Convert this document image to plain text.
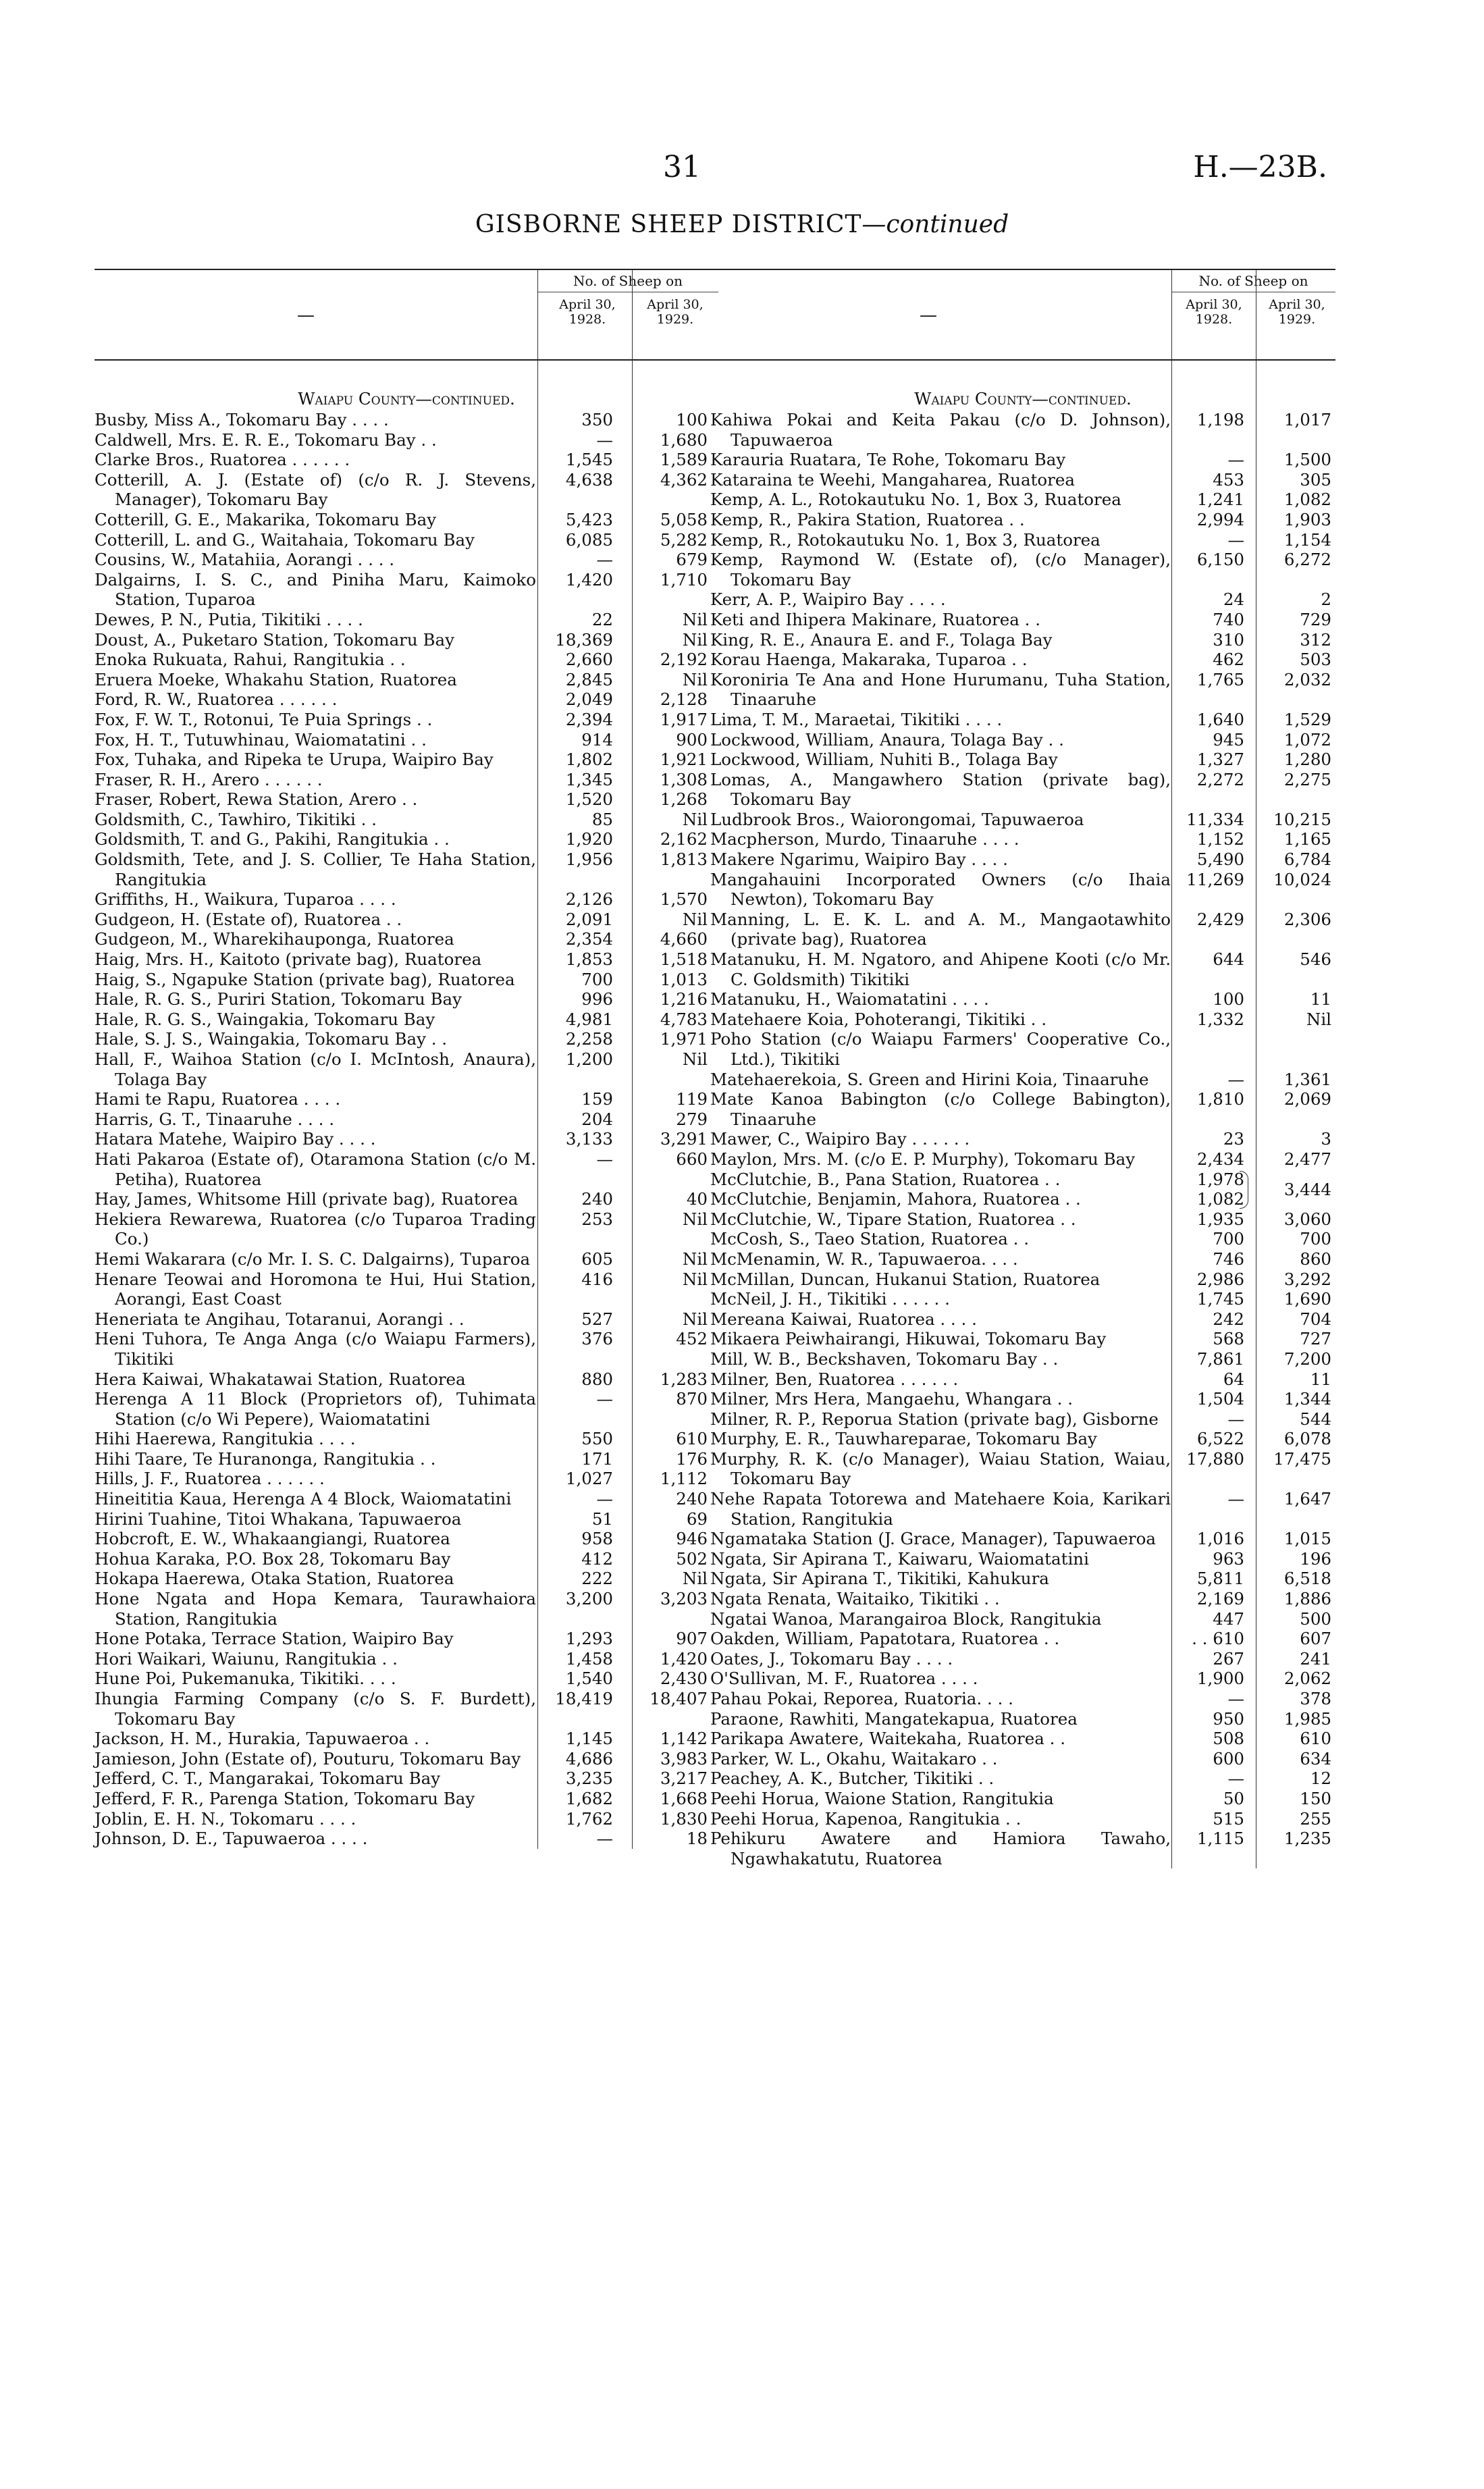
31	H.—23B.
GISBORNE SHEEP DISTRICT—continued
—
No. of Sheep on
April 30,
1928.
April 30,
1929.
Waiapu County—continued.
Busby, Miss A., Tokomaru Bay . . . .	350	100
Caldwell, Mrs. E. R. E., Tokomaru Bay . .	—	1,680
Clarke Bros., Ruatorea . . . . . .	1,545	1,589
Cotterill, A. J. (Estate of) (c/o R. J. Stevens, Manager), Tokomaru Bay
4,638	4,362
Cotterill, G. E., Makarika, Tokomaru Bay	5,423	5,058
Cotterill, L. and G., Waitahaia, Tokomaru Bay	6,085	5,282
Cousins, W., Matahiia, Aorangi . . . .	—	679
Dalgairns, I. S. C., and Piniha Maru, Kaimoko Station, Tuparoa
1,420	1,710
Dewes, P. N., Putia, Tikitiki . . . .	22	Nil
Doust, A., Puketaro Station, Tokomaru Bay	18,369	Nil
Enoka Rukuata, Rahui, Rangitukia . .	2,660	2,192
Eruera Moeke, Whakahu Station, Ruatorea	2,845	Nil
Ford, R. W., Ruatorea . . . . . .	2,049	2,128
Fox, F. W. T., Rotonui, Te Puia Springs . .	2,394	1,917
Fox, H. T., Tutuwhinau, Waiomatatini . .	914	900
Fox, Tuhaka, and Ripeka te Urupa, Waipiro Bay	1,802	1,921
Fraser, R. H., Arero . . . . . .	1,345	1,308
Fraser, Robert, Rewa Station, Arero . .	1,520	1,268
Goldsmith, C., Tawhiro, Tikitiki . .	85	Nil
Goldsmith, T. and G., Pakihi, Rangitukia . .	1,920	2,162
Goldsmith, Tete, and J. S. Collier, Te Haha Station, Rangitukia
1,956	1,813
Griffiths, H., Waikura, Tuparoa . . . .	2,126	1,570
Gudgeon, H. (Estate of), Ruatorea . .	2,091	Nil
Gudgeon, M., Wharekihauponga, Ruatorea	2,354	4,660
Haig, Mrs. H., Kaitoto (private bag), Ruatorea	1,853	1,518
Haig, S., Ngapuke Station (private bag), Ruatorea	700	1,013
Hale, R. G. S., Puriri Station, Tokomaru Bay	996	1,216
Hale, R. G. S., Waingakia, Tokomaru Bay	4,981	4,783
Hale, S. J. S., Waingakia, Tokomaru Bay . .	2,258	1,971
Hall, F., Waihoa Station (c/o I. McIntosh, Anaura), Tolaga Bay
1,200	Nil
Hami te Rapu, Ruatorea . . . .	159	119
Harris, G. T., Tinaaruhe . . . .	204	279
Hatara Matehe, Waipiro Bay . . . .	3,133	3,291
Hati Pakaroa (Estate of), Otaramona Station (c/o M. Petiha), Ruatorea
—	660
Hay, James, Whitsome Hill (private bag), Ruatorea	240	40
Hekiera Rewarewa, Ruatorea (c/o Tuparoa Trading Co.)
253	Nil
Hemi Wakarara (c/o Mr. I. S. C. Dalgairns), Tuparoa	605	Nil
Henare Teowai and Horomona te Hui, Hui Station, Aorangi, East Coast
416	Nil
Heneriata te Angihau, Totaranui, Aorangi . .	527	Nil
Heni Tuhora, Te Anga Anga (c/o Waiapu Farmers), Tikitiki
376	452
Hera Kaiwai, Whakatawai Station, Ruatorea	880	1,283
Herenga A 11 Block (Proprietors of), Tuhimata Station (c/o Wi Pepere), Waiomatatini
—	870
Hihi Haerewa, Rangitukia . . . .	550	610
Hihi Taare, Te Huranonga, Rangitukia . .	171	176
Hills, J. F., Ruatorea . . . . . .	1,027	1,112
Hineititia Kaua, Herenga A 4 Block, Waiomatatini	—	240
Hirini Tuahine, Titoi Whakana, Tapuwaeroa	51	69
Hobcroft, E. W., Whakaangiangi, Ruatorea	958	946
Hohua Karaka, P.O. Box 28, Tokomaru Bay	412	502
Hokapa Haerewa, Otaka Station, Ruatorea	222	Nil
Hone Ngata and Hopa Kemara, Taurawhaiora Station, Rangitukia
3,200	3,203
Hone Potaka, Terrace Station, Waipiro Bay	1,293	907
Hori Waikari, Waiunu, Rangitukia . .	1,458	1,420
Hune Poi, Pukemanuka, Tikitiki. . . .	1,540	2,430
Ihungia Farming Company (c/o S. F. Burdett), Tokomaru Bay
18,419	18,407
Jackson, H. M., Hurakia, Tapuwaeroa . .	1,145	1,142
Jamieson, John (Estate of), Pouturu, Tokomaru Bay	4,686	3,983
Jefferd, C. T., Mangarakai, Tokomaru Bay	3,235	3,217
Jefferd, F. R., Parenga Station, Tokomaru Bay	1,682	1,668
Joblin, E. H. N., Tokomaru . . . .	1,762	1,830
Johnson, D. E., Tapuwaeroa . . . .	—	18
—
No. of Sheep on
April 30,
1928.
April 30,
1929.
Waiapu County—continued.
Kahiwa Pokai and Keita Pakau (c/o D. Johnson), Tapuwaeroa
1,198	1,017
Karauria Ruatara, Te Rohe, Tokomaru Bay	—	1,500
Kataraina te Weehi, Mangaharea, Ruatorea	453	305
Kemp, A. L., Rotokautuku No. 1, Box 3, Ruatorea	1,241	1,082
Kemp, R., Pakira Station, Ruatorea . .	2,994	1,903
Kemp, R., Rotokautuku No. 1, Box 3, Ruatorea	—	1,154
Kemp, Raymond W. (Estate of), (c/o Manager), Tokomaru Bay
6,150	6,272
Kerr, A. P., Waipiro Bay . . . .	24	2
Keti and Ihipera Makinare, Ruatorea . .	740	729
King, R. E., Anaura E. and F., Tolaga Bay	310	312
Korau Haenga, Makaraka, Tuparoa . .	462	503
Koroniria Te Ana and Hone Hurumanu, Tuha Station, Tinaaruhe
1,765	2,032
Lima, T. M., Maraetai, Tikitiki . . . .	1,640	1,529
Lockwood, William, Anaura, Tolaga Bay . .	945	1,072
Lockwood, William, Nuhiti B., Tolaga Bay	1,327	1,280
Lomas, A., Mangawhero Station (private bag), Tokomaru Bay
2,272	2,275
Ludbrook Bros., Waiorongomai, Tapuwaeroa	11,334	10,215
Macpherson, Murdo, Tinaaruhe . . . .	1,152	1,165
Makere Ngarimu, Waipiro Bay . . . .	5,490	6,784
Mangahauini Incorporated Owners (c/o Ihaia Newton), Tokomaru Bay
11,269	10,024
Manning, L. E. K. L. and A. M., Mangaotawhito (private bag), Ruatorea
2,429	2,306
Matanuku, H. M. Ngatoro, and Ahipene Kooti (c/o Mr. C. Goldsmith) Tikitiki
644	546
Matanuku, H., Waiomatatini . . . .	100	11
Matehaere Koia, Pohoterangi, Tikitiki . .	1,332	Nil
Poho Station (c/o Waiapu Farmers' Cooperative Co., Ltd.), Tikitiki
Matehaerekoia, S. Green and Hirini Koia, Tinaaruhe	—	1,361
Mate Kanoa Babington (c/o College Babington), Tinaaruhe
1,810	2,069
Mawer, C., Waipiro Bay . . . . . .	23	3
Maylon, Mrs. M. (c/o E. P. Murphy), Tokomaru Bay	2,434	2,477
McClutchie, B., Pana Station, Ruatorea . .	1,978
3,444
McClutchie, Benjamin, Mahora, Ruatorea . .	1,082
McClutchie, W., Tipare Station, Ruatorea . .	1,935	3,060
McCosh, S., Taeo Station, Ruatorea . .	700	700
McMenamin, W. R., Tapuwaeroa. . . .	746	860
McMillan, Duncan, Hukanui Station, Ruatorea	2,986	3,292
McNeil, J. H., Tikitiki . . . . . .	1,745	1,690
Mereana Kaiwai, Ruatorea . . . .	242	704
Mikaera Peiwhairangi, Hikuwai, Tokomaru Bay	568	727
Mill, W. B., Beckshaven, Tokomaru Bay . .	7,861	7,200
Milner, Ben, Ruatorea . . . . . .	64	11
Milner, Mrs Hera, Mangaehu, Whangara . .	1,504	1,344
Milner, R. P., Reporua Station (private bag), Gisborne	—	544
Murphy, E. R., Tauwhareparae, Tokomaru Bay	6,522	6,078
Murphy, R. K. (c/o Manager), Waiau Station, Waiau, Tokomaru Bay
17,880	17,475
Nehe Rapata Totorewa and Matehaere Koia, Karikari Station, Rangitukia
—	1,647
Ngamataka Station (J. Grace, Manager), Tapuwaeroa	1,016	1,015
Ngata, Sir Apirana T., Kaiwaru, Waiomatatini	963	196
Ngata, Sir Apirana T., Tikitiki, Kahukura	5,811	6,518
Ngata Renata, Waitaiko, Tikitiki . .	2,169	1,886
Ngatai Wanoa, Marangairoa Block, Rangitukia	447	500
Oakden, William, Papatotara, Ruatorea . .	. . 610	607
Oates, J., Tokomaru Bay . . . .	267	241
O'Sullivan, M. F., Ruatorea . . . .	1,900	2,062
Pahau Pokai, Reporea, Ruatoria. . . .	—	378
Paraone, Rawhiti, Mangatekapua, Ruatorea	950	1,985
Parikapa Awatere, Waitekaha, Ruatorea . .	508	610
Parker, W. L., Okahu, Waitakaro . .	600	634
Peachey, A. K., Butcher, Tikitiki . .	—	12
Peehi Horua, Waione Station, Rangitukia	50	150
Peehi Horua, Kapenoa, Rangitukia . .	515	255
Pehikuru Awatere and Hamiora Tawaho, Ngawhakatutu, Ruatorea
1,115	1,235
